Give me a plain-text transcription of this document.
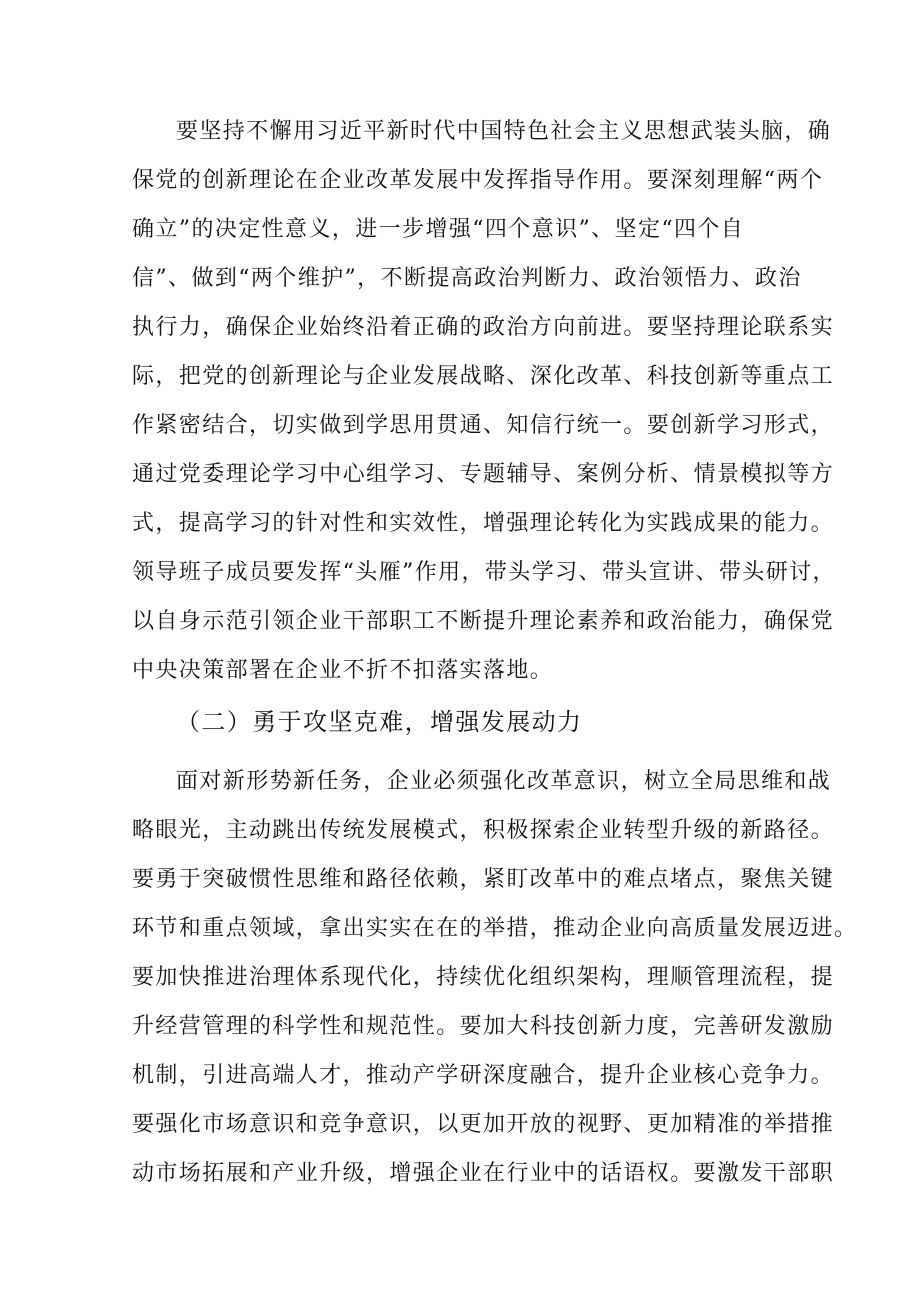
要坚持不懈用习近平新时代中国特色社会主义思想武装头脑，确
保党的创新理论在企业改革发展中发挥指导作用。要深刻理解“两个
确立”的决定性意义，进一步增强“四个意识”、坚定“四个自
信”、做到“两个维护”，不断提高政治判断力、政治领悟力、政治
执行力，确保企业始终沿着正确的政治方向前进。要坚持理论联系实
际，把党的创新理论与企业发展战略、深化改革、科技创新等重点工
作紧密结合，切实做到学思用贯通、知信行统一。要创新学习形式，
通过党委理论学习中心组学习、专题辅导、案例分析、情景模拟等方
式，提高学习的针对性和实效性，增强理论转化为实践成果的能力。
领导班子成员要发挥“头雁”作用，带头学习、带头宣讲、带头研讨，
以自身示范引领企业干部职工不断提升理论素养和政治能力，确保党
中央决策部署在企业不折不扣落实落地。
（二）勇于攻坚克难，增强发展动力
面对新形势新任务，企业必须强化改革意识，树立全局思维和战
略眼光，主动跳出传统发展模式，积极探索企业转型升级的新路径。
要勇于突破惯性思维和路径依赖，紧盯改革中的难点堵点，聚焦关键
环节和重点领域，拿出实实在在的举措，推动企业向高质量发展迈进。
要加快推进治理体系现代化，持续优化组织架构，理顺管理流程，提
升经营管理的科学性和规范性。要加大科技创新力度，完善研发激励
机制，引进高端人才，推动产学研深度融合，提升企业核心竞争力。
要强化市场意识和竞争意识，以更加开放的视野、更加精准的举措推
动市场拓展和产业升级，增强企业在行业中的话语权。要激发干部职
